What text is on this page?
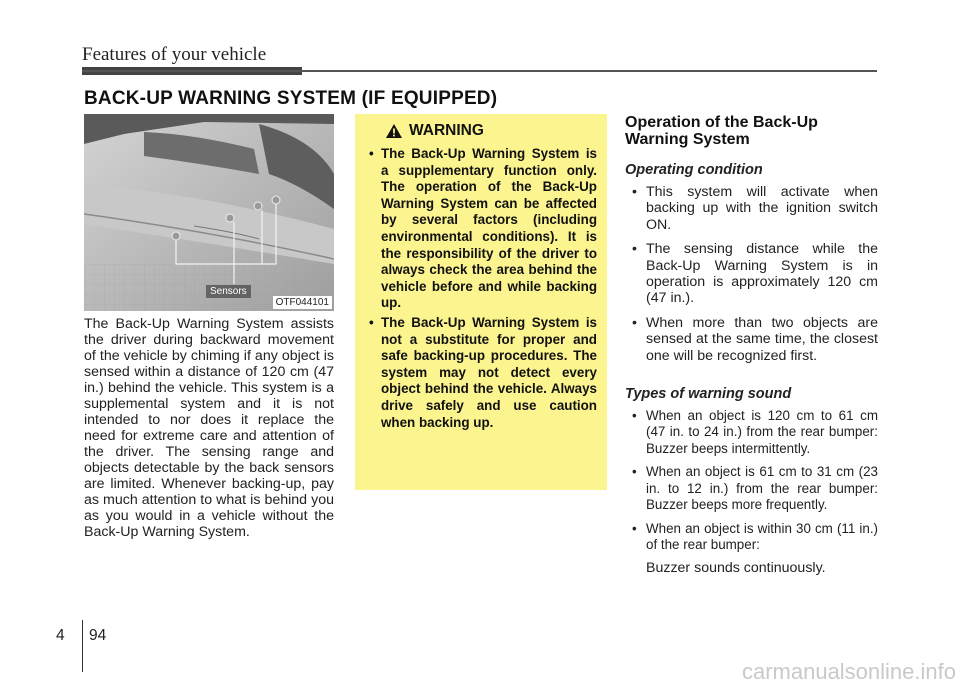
Features of your vehicle
BACK-UP WARNING SYSTEM (IF EQUIPPED)
Sensors
OTF044101
The Back-Up Warning System assists the driver during backward movement of the vehicle by chiming if any object is sensed within a distance of 120 cm (47 in.) behind the vehicle. This system is a supplemental system and it is not intended to nor does it replace the need for extreme care and attention of the driver. The sensing range and objects detectable by the back sensors are limited. Whenever backing-up, pay as much attention to what is behind you as you would in a vehicle without the Back-Up Warning System.
WARNING
• The Back-Up Warning System is a supplementary function only. The operation of the Back-Up Warning System can be affected by several factors (including environmental conditions). It is the responsibility of the driver to always check the area behind the vehicle before and while backing up.
• The Back-Up Warning System is not a substitute for proper and safe backing-up procedures. The system may not detect every object behind the vehicle. Always drive safely and use caution when backing up.
Operation of the Back-Up Warning System
Operating condition
• This system will activate when backing up with the ignition switch ON.
• The sensing distance while the Back-Up Warning System is in operation is approximately 120 cm (47 in.).
• When more than two objects are sensed at the same time, the closest one will be recognized first.
Types of warning sound
• When an object is 120 cm to 61 cm (47 in. to 24 in.) from the rear bumper: Buzzer beeps intermittently.
• When an object is 61 cm to 31 cm (23 in. to 12 in.) from the rear bumper: Buzzer beeps more frequently.
• When an object is within 30 cm (11 in.) of the rear bumper:
Buzzer sounds continuously.
4 94
carmanualsonline.info
